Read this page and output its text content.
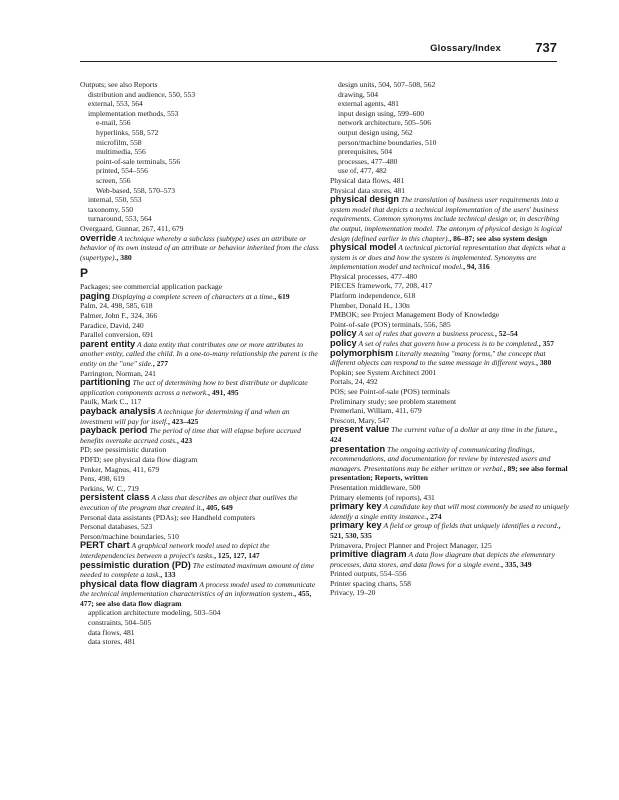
Glossary/Index	737
Outputs; see also Reports
distribution and audience, 550, 553
external, 553, 564
implementation methods, 553
e-mail, 556
hyperlinks, 558, 572
microfilm, 558
multimedia, 556
point-of-sale terminals, 556
printed, 554–556
screen, 556
Web-based, 558, 570–573
internal, 550, 553
taxonomy, 550
turnaround, 553, 564
Overgaard, Gunnar, 267, 411, 679
override A technique whereby a subclass (subtype) uses an attribute or behavior of its own instead of an attribute or behavior inherited from the class (supertype)., 380
P
Packages; see commercial application package
paging Displaying a complete screen of characters at a time., 619
Palm, 24, 498, 585, 618
Palmer, John F., 324, 366
Paradice, David, 240
Parallel conversion, 691
parent entity A data entity that contributes one or more attributes to another entity, called the child. In a one-to-many relationship the parent is the entity on the "one" side., 277
Parrington, Norman, 241
partitioning The act of determining how to best distribute or duplicate application components across a network., 491, 495
Paulk, Mark C., 117
payback analysis A technique for determining if and when an investment will pay for itself., 423–425
payback period The period of time that will elapse before accrued benefits overtake accrued costs., 423
PD; see pessimistic duration
PDFD; see physical data flow diagram
Penker, Magnus, 411, 679
Pens, 498, 619
Perkins, W. C., 719
persistent class A class that describes an object that outlives the execution of the program that created it., 405, 649
Personal data assistants (PDAs); see Handheld computers
Personal databases, 523
Person/machine boundaries, 510
PERT chart A graphical network model used to depict the interdependencies between a project's tasks., 125, 127, 147
pessimistic duration (PD) The estimated maximum amount of time needed to complete a task., 133
physical data flow diagram A process model used to communicate the technical implementation characteristics of an information system., 455, 477; see also data flow diagram
application architecture modeling, 503–504
constraints, 504–505
data flows, 481
data stores, 481
design units, 504, 507–508, 562
drawing, 504
external agents, 481
input design using, 599–600
network architecture, 505–506
output design using, 562
person/machine boundaries, 510
prerequisites, 504
processes, 477–480
use of, 477, 482
Physical data flows, 481
Physical data stores, 481
physical design The translation of business user requirements into a system model that depicts a technical implementation of the users' business requirements. Common synonyms include technical design or, in describing the output, implementation model. The antonym of physical design is logical design (defined earlier in this chapter)., 86–87; see also system design
physical model A technical pictorial representation that depicts what a system is or does and how the system is implemented. Synonyms are implementation model and technical model., 94, 316
Physical processes, 477–480
PIECES framework, 77, 208, 417
Platform independence, 618
Plumber, Donald H., 130n
PMBOK; see Project Management Body of Knowledge
Point-of-sale (POS) terminals, 556, 585
policy A set of rules that govern a business process., 52–54
policy A set of rules that govern how a process is to be completed., 357
polymorphism Literally meaning "many forms," the concept that different objects can respond to the same message in different ways., 380
Popkin; see System Architect 2001
Portals, 24, 492
POS; see Point-of-sale (POS) terminals
Preliminary study; see problem statement
Premerlani, William, 411, 679
Prescott, Mary, 547
present value The current value of a dollar at any time in the future., 424
presentation The ongoing activity of communicating findings, recommendations, and documentation for review by interested users and managers. Presentations may be either written or verbal., 89; see also formal presentation; Reports, written
Presentation middleware, 500
Primary elements (of reports), 431
primary key A candidate key that will most commonly be used to uniquely identify a single entity instance., 274
primary key A field or group of fields that uniquely identifies a record., 521, 530, 535
Primavera, Project Planner and Project Manager, 125
primitive diagram A data flow diagram that depicts the elementary processes, data stores, and data flows for a single event., 335, 349
Printed outputs, 554–556
Printer spacing charts, 558
Privacy, 19–20
